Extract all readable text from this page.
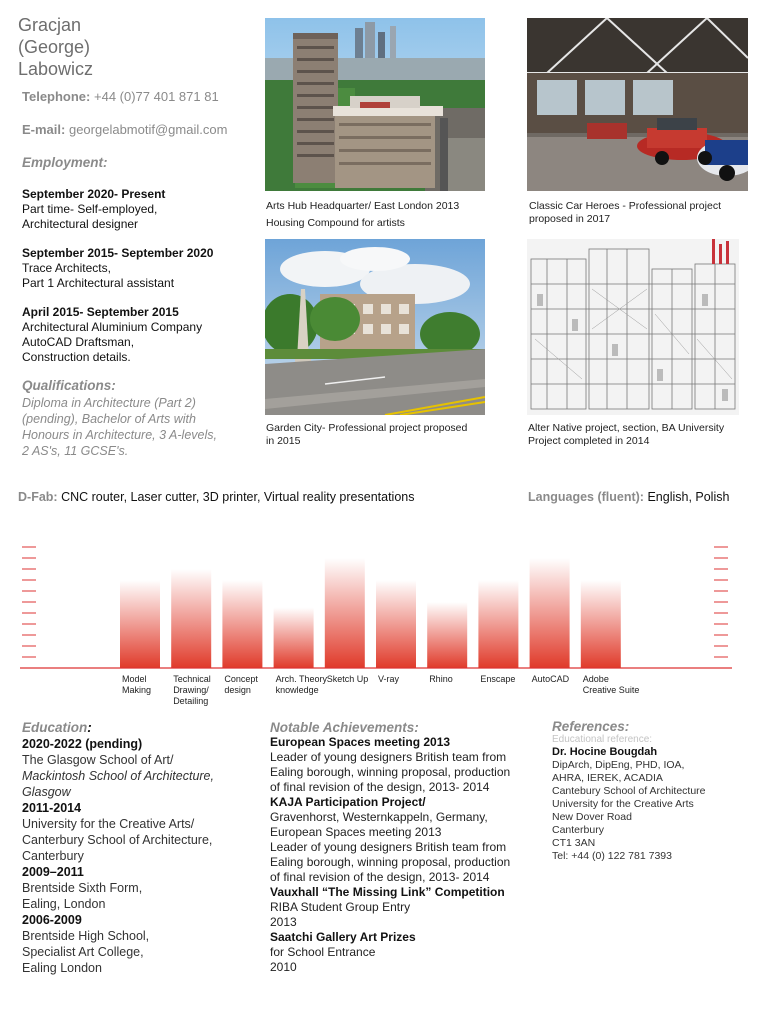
Gracjan
(George)
Labowicz
Telephone: +44 (0)77 401 871 81
E-mail: georgelabmotif@gmail.com
Employment:
September 2020- Present
Part time- Self-employed,
Architectural designer
September 2015- September 2020
Trace Architects,
Part 1 Architectural assistant
April 2015- September 2015
Architectural Aluminium Company
AutoCAD Draftsman,
Construction details.
Qualifications:
Diploma in Architecture (Part 2)
(pending), Bachelor of Arts with
Honours in Architecture, 3 A-levels,
2 AS's, 11 GCSE's.
Arts Hub Headquarter/ East London 2013
Housing Compound for artists
Classic Car Heroes - Professional project
proposed in 2017
Garden City- Professional project proposed
in 2015
Alter Native project, section, BA University
Project completed in 2014
D-Fab: CNC router, Laser cutter, 3D printer, Virtual reality presentations	Languages (fluent): English, Polish
Model Making
Technical Drawing/ Detailing
Concept design
Arch. Theory knowledge
Sketch Up V-ray	Rhino	Enscape AutoCAD Adobe Creative Suite
Education:
2020-2022 (pending)
The Glasgow School of Art/
Mackintosh School of Architecture,
Glasgow
2011-2014
University for the Creative Arts/
Canterbury School of Architecture,
Canterbury
2009–2011
Brentside Sixth Form,
Ealing, London
2006-2009
Brentside High School,
Specialist Art College,
Ealing London
Notable Achievements:
European Spaces meeting 2013
Leader of young designers British team from
Ealing borough, winning proposal, production
of final revision of the design, 2013- 2014
KAJA Participation Project/
Gravenhorst, Westernkappeln, Germany,
European Spaces meeting 2013
Leader of young designers British team from
Ealing borough, winning proposal, production
of final revision of the design, 2013- 2014
Vauxhall “The Missing Link” Competition
RIBA Student Group Entry
2013
Saatchi Gallery Art Prizes
for School Entrance
2010
References:
Educational reference:
Dr. Hocine Bougdah
DipArch, DipEng, PHD, IOA,
AHRA, IEREK, ACADIA
Cantebury School of Architecture
University for the Creative Arts
New Dover Road
Canterbury
CT1 3AN
Tel: +44 (0) 122 781 7393
